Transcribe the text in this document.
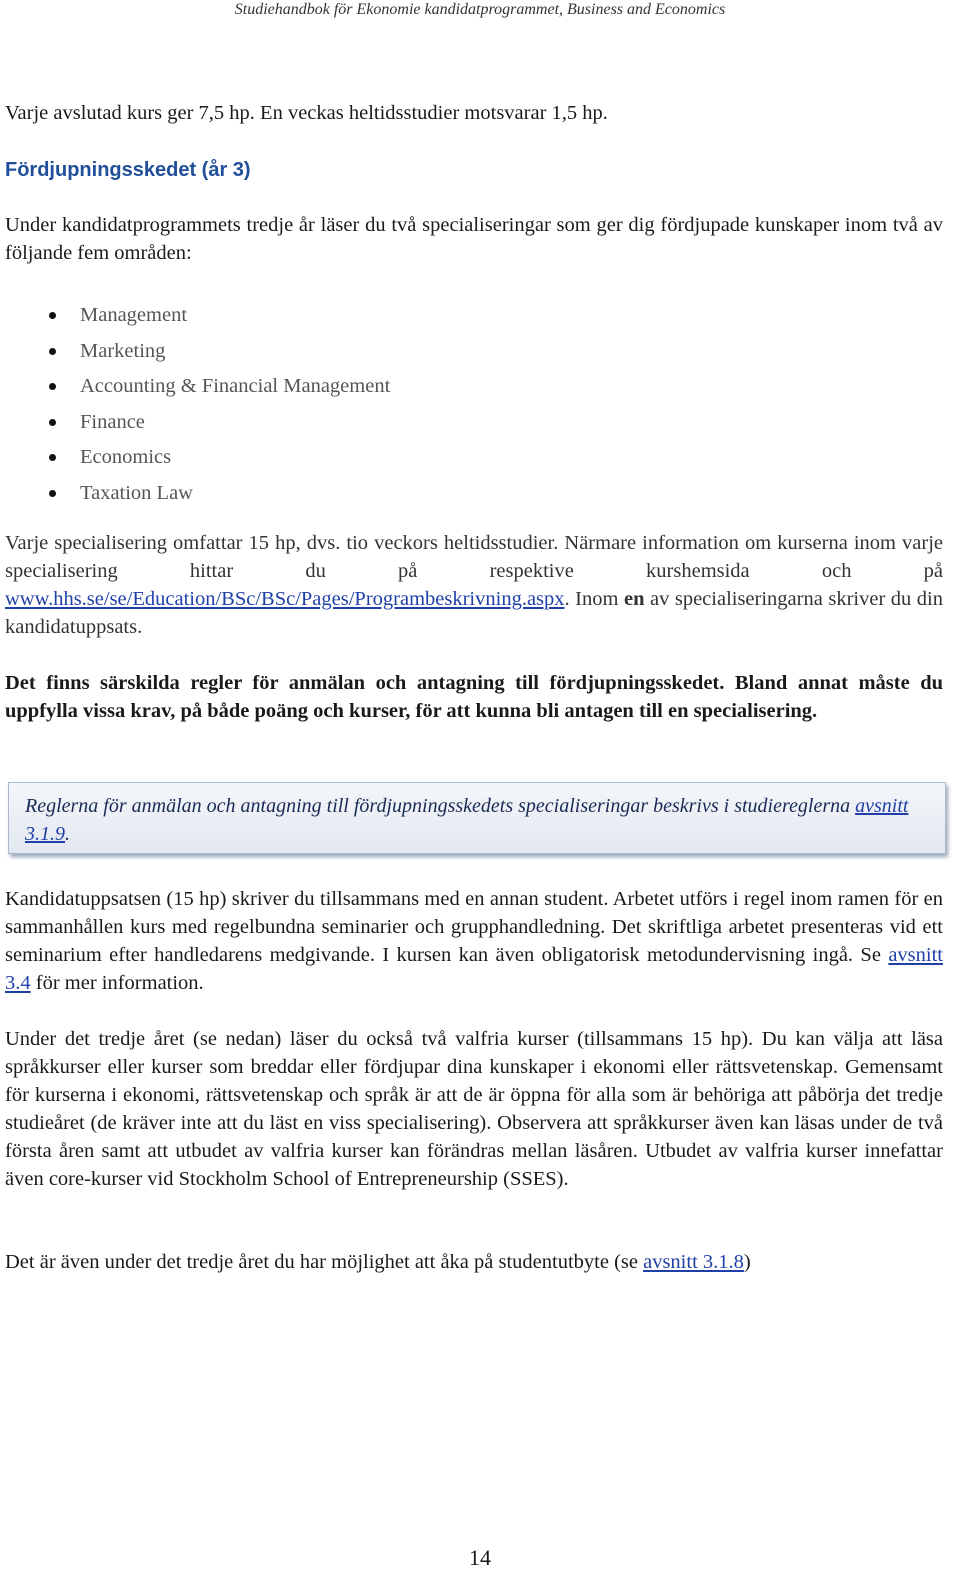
Studiehandbok för Ekonomie kandidatprogrammet, Business and Economics

Varje avslutad kurs ger 7,5 hp. En veckas heltidsstudier motsvarar 1,5 hp.

Fördjupningsskedet (år 3)

Under kandidatprogrammets tredje år läser du två specialiseringar som ger dig fördjupade kunskaper inom två av följande fem områden:

Management
Marketing
Accounting & Financial Management
Finance
Economics
Taxation Law

Varje specialisering omfattar 15 hp, dvs. tio veckors heltidsstudier. Närmare information om kurserna inom varje specialisering hittar du på respektive kurshemsida och på www.hhs.se/se/Education/BSc/BSc/Pages/Programbeskrivning.aspx. Inom en av specialiseringarna skriver du din kandidatuppsats.

Det finns särskilda regler för anmälan och antagning till fördjupningsskedet. Bland annat måste du uppfylla vissa krav, på både poäng och kurser, för att kunna bli antagen till en specialisering.

Reglerna för anmälan och antagning till fördjupningsskedets specialiseringar beskrivs i studiereglerna avsnitt 3.1.9.

Kandidatuppsatsen (15 hp) skriver du tillsammans med en annan student. Arbetet utförs i regel inom ramen för en sammanhållen kurs med regelbundna seminarier och grupphandledning. Det skriftliga arbetet presenteras vid ett seminarium efter handledarens medgivande. I kursen kan även obligatorisk metodundervisning ingå. Se avsnitt 3.4 för mer information.

Under det tredje året (se nedan) läser du också två valfria kurser (tillsammans 15 hp). Du kan välja att läsa språkkurser eller kurser som breddar eller fördjupar dina kunskaper i ekonomi eller rättsvetenskap. Gemensamt för kurserna i ekonomi, rättsvetenskap och språk är att de är öppna för alla som är behöriga att påbörja det tredje studieåret (de kräver inte att du läst en viss specialisering). Observera att språkkurser även kan läsas under de två första åren samt att utbudet av valfria kurser kan förändras mellan läsåren. Utbudet av valfria kurser innefattar även core-kurser vid Stockholm School of Entrepreneurship (SSES).

Det är även under det tredje året du har möjlighet att åka på studentutbyte (se avsnitt 3.1.8)

14
